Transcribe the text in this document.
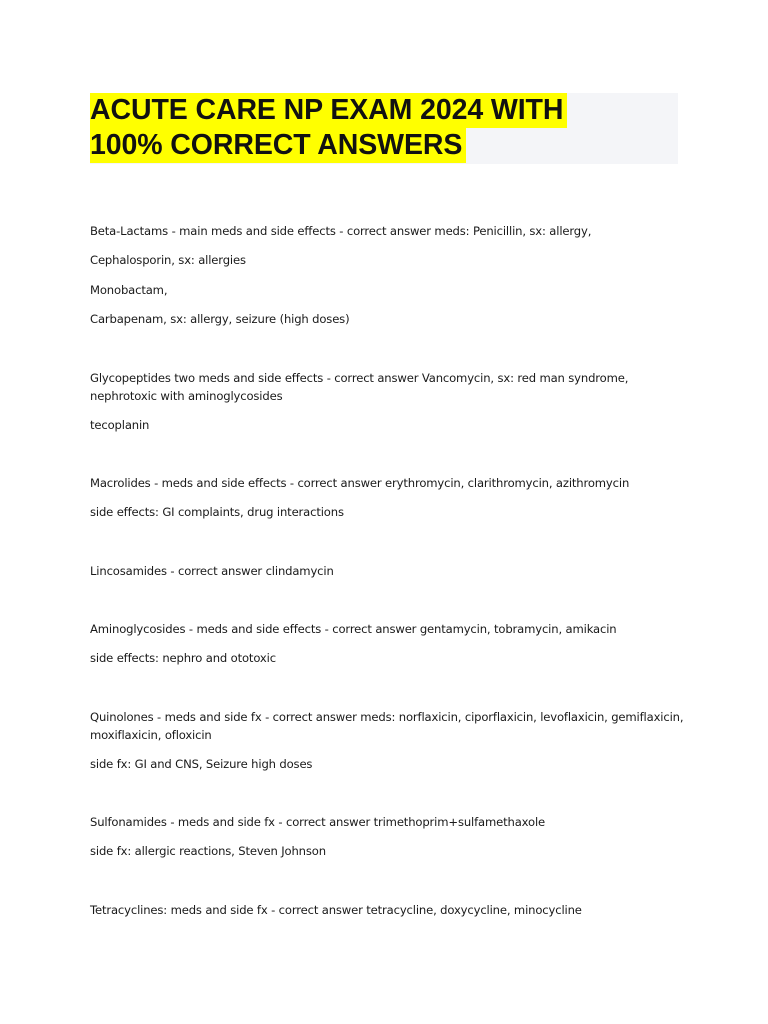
ACUTE CARE NP EXAM 2024 WITH
100% CORRECT ANSWERS
Beta-Lactams - main meds and side effects - correct answer meds: Penicillin, sx: allergy,
Cephalosporin, sx: allergies
Monobactam,
Carbapenam, sx: allergy, seizure (high doses)
Glycopeptides two meds and side effects - correct answer Vancomycin, sx: red man syndrome,
nephrotoxic with aminoglycosides
tecoplanin
Macrolides - meds and side effects - correct answer erythromycin, clarithromycin, azithromycin
side effects: GI complaints, drug interactions
Lincosamides - correct answer clindamycin
Aminoglycosides - meds and side effects - correct answer gentamycin, tobramycin, amikacin
side effects: nephro and ototoxic
Quinolones - meds and side fx - correct answer meds: norflaxicin, ciporflaxicin, levoflaxicin, gemiflaxicin,
moxiflaxicin, ofloxicin
side fx: GI and CNS, Seizure high doses
Sulfonamides - meds and side fx - correct answer trimethoprim+sulfamethaxole
side fx: allergic reactions, Steven Johnson
Tetracyclines: meds and side fx - correct answer tetracycline, doxycycline, minocycline
